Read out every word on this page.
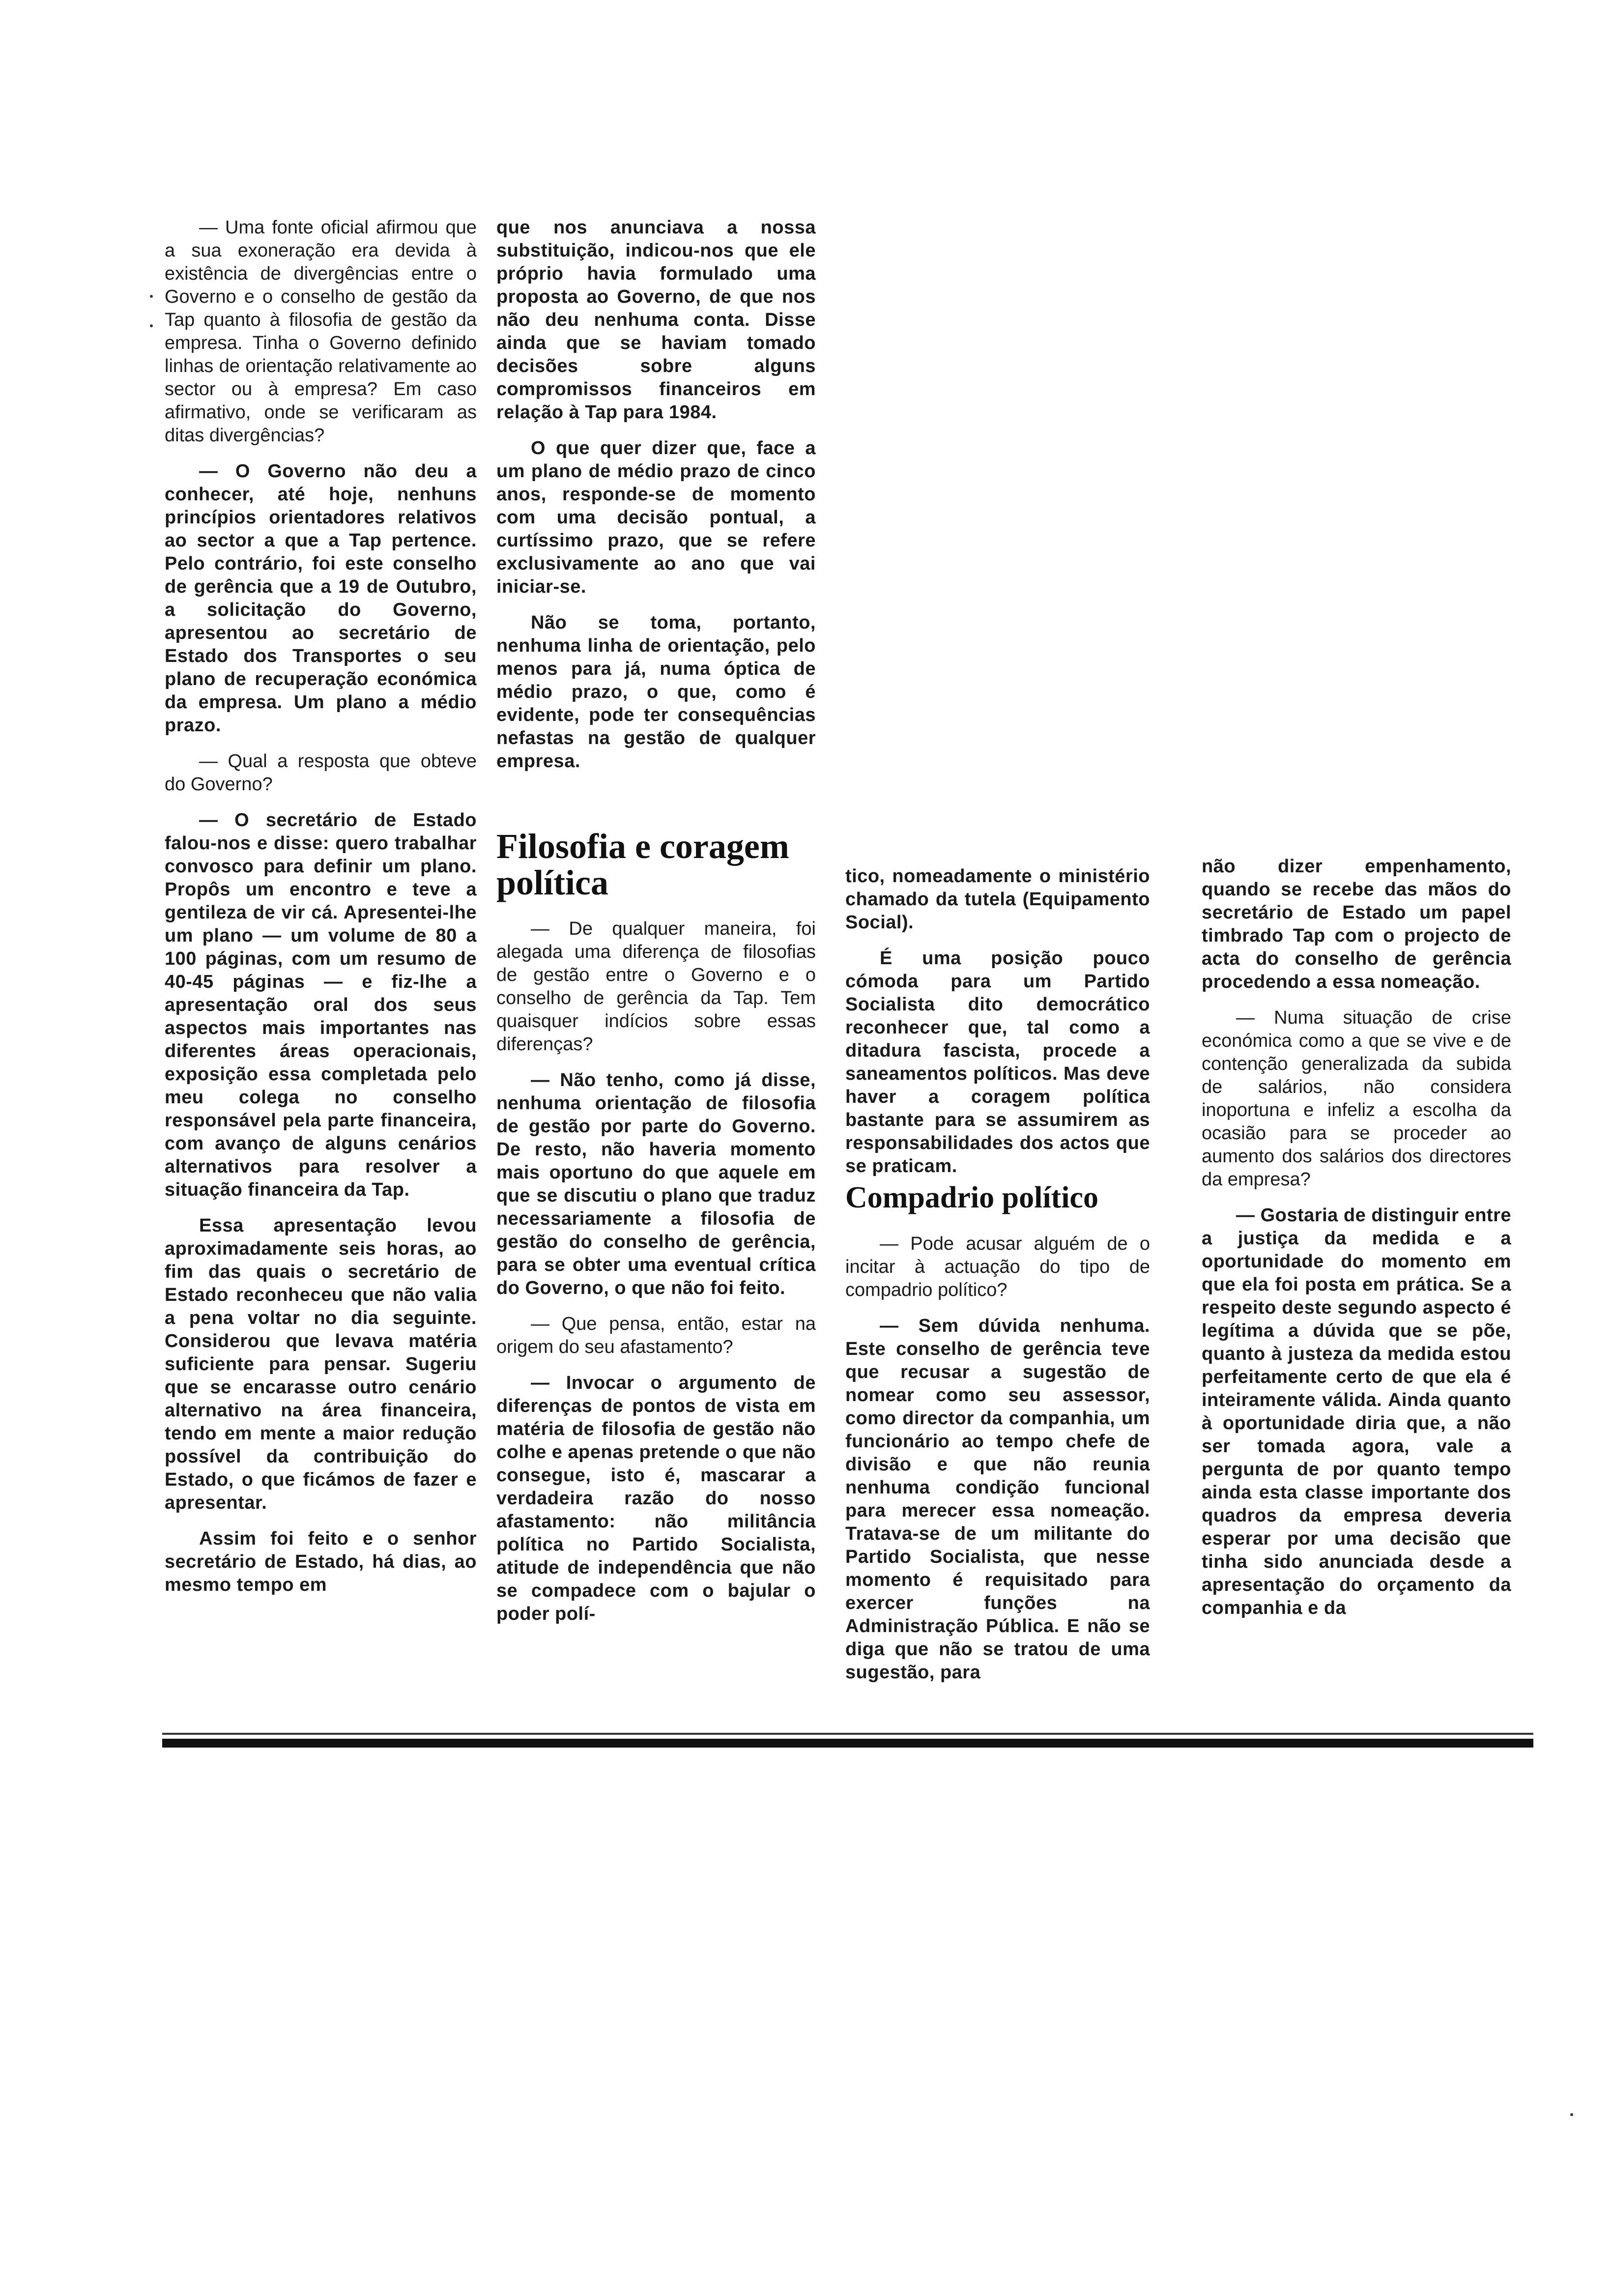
— Uma fonte oficial afirmou que a sua exoneração era devida à existência de divergências entre o Governo e o conselho de gestão da Tap quanto à filosofia de gestão da empresa. Tinha o Governo definido linhas de orientação relativamente ao sector ou à empresa? Em caso afirmativo, onde se verificaram as ditas divergências?

— O Governo não deu a conhecer, até hoje, nenhuns princípios orientadores relativos ao sector a que a Tap pertence. Pelo contrário, foi este conselho de gerência que a 19 de Outubro, a solicitação do Governo, apresentou ao secretário de Estado dos Transportes o seu plano de recuperação económica da empresa. Um plano a médio prazo.

— Qual a resposta que obteve do Governo?

— O secretário de Estado falou-nos e disse: quero trabalhar convosco para definir um plano. Propôs um encontro e teve a gentileza de vir cá. Apresentei-lhe um plano — um volume de 80 a 100 páginas, com um resumo de 40-45 páginas — e fiz-lhe a apresentação oral dos seus aspectos mais importantes nas diferentes áreas operacionais, exposição essa completada pelo meu colega no conselho responsável pela parte financeira, com avanço de alguns cenários alternativos para resolver a situação financeira da Tap.

Essa apresentação levou aproximadamente seis horas, ao fim das quais o secretário de Estado reconheceu que não valia a pena voltar no dia seguinte. Considerou que levava matéria suficiente para pensar. Sugeriu que se encarasse outro cenário alternativo na área financeira, tendo em mente a maior redução possível da contribuição do Estado, o que ficámos de fazer e apresentar.

Assim foi feito e o senhor secretário de Estado, há dias, ao mesmo tempo em

que nos anunciava a nossa substituição, indicou-nos que ele próprio havia formulado uma proposta ao Governo, de que nos não deu nenhuma conta. Disse ainda que se haviam tomado decisões sobre alguns compromissos financeiros em relação à Tap para 1984.

O que quer dizer que, face a um plano de médio prazo de cinco anos, responde-se de momento com uma decisão pontual, a curtíssimo prazo, que se refere exclusivamente ao ano que vai iniciar-se.

Não se toma, portanto, nenhuma linha de orientação, pelo menos para já, numa óptica de médio prazo, o que, como é evidente, pode ter consequências nefastas na gestão de qualquer empresa.

Filosofia e coragem política

— De qualquer maneira, foi alegada uma diferença de filosofias de gestão entre o Governo e o conselho de gerência da Tap. Tem quaisquer indícios sobre essas diferenças?

— Não tenho, como já disse, nenhuma orientação de filosofia de gestão por parte do Governo. De resto, não haveria momento mais oportuno do que aquele em que se discutiu o plano que traduz necessariamente a filosofia de gestão do conselho de gerência, para se obter uma eventual crítica do Governo, o que não foi feito.

— Que pensa, então, estar na origem do seu afastamento?

— Invocar o argumento de diferenças de pontos de vista em matéria de filosofia de gestão não colhe e apenas pretende o que não consegue, isto é, mascarar a verdadeira razão do nosso afastamento: não militância política no Partido Socialista, atitude de independência que não se compadece com o bajular o poder polí-

tico, nomeadamente o ministério chamado da tutela (Equipamento Social).

É uma posição pouco cómoda para um Partido Socialista dito democrático reconhecer que, tal como a ditadura fascista, procede a saneamentos políticos. Mas deve haver a coragem política bastante para se assumirem as responsabilidades dos actos que se praticam.

Compadrio político

— Pode acusar alguém de o incitar à actuação do tipo de compadrio político?

— Sem dúvida nenhuma. Este conselho de gerência teve que recusar a sugestão de nomear como seu assessor, como director da companhia, um funcionário ao tempo chefe de divisão e que não reunia nenhuma condição funcional para merecer essa nomeação. Tratava-se de um militante do Partido Socialista, que nesse momento é requisitado para exercer funções na Administração Pública. E não se diga que não se tratou de uma sugestão, para

não dizer empenhamento, quando se recebe das mãos do secretário de Estado um papel timbrado Tap com o projecto de acta do conselho de gerência procedendo a essa nomeação.

— Numa situação de crise económica como a que se vive e de contenção generalizada da subida de salários, não considera inoportuna e infeliz a escolha da ocasião para se proceder ao aumento dos salários dos directores da empresa?

— Gostaria de distinguir entre a justiça da medida e a oportunidade do momento em que ela foi posta em prática. Se a respeito deste segundo aspecto é legítima a dúvida que se põe, quanto à justeza da medida estou perfeitamente certo de que ela é inteiramente válida. Ainda quanto à oportunidade diria que, a não ser tomada agora, vale a pergunta de por quanto tempo ainda esta classe importante dos quadros da empresa deveria esperar por uma decisão que tinha sido anunciada desde a apresentação do orçamento da companhia e da
